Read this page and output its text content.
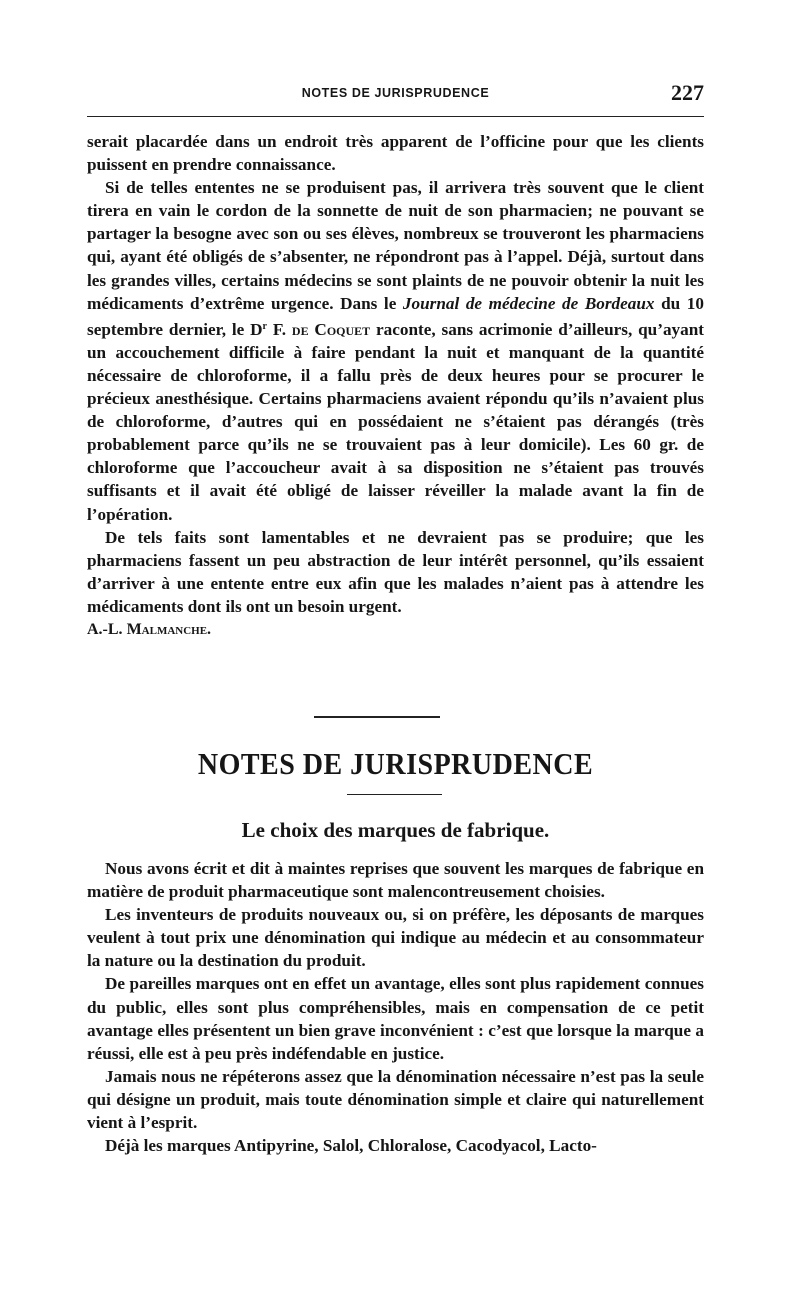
NOTES DE JURISPRUDENCE	227

serait placardée dans un endroit très apparent de l’officine pour que les clients puissent en prendre connaissance.

Si de telles ententes ne se produisent pas, il arrivera très souvent que le client tirera en vain le cordon de la sonnette de nuit de son pharmacien; ne pouvant se partager la besogne avec son ou ses élèves, nombreux se trouveront les pharmaciens qui, ayant été obligés de s’absenter, ne répondront pas à l’appel. Déjà, surtout dans les grandes villes, certains médecins se sont plaints de ne pouvoir obtenir la nuit les médicaments d’extrême urgence. Dans le Journal de médecine de Bordeaux du 10 septembre dernier, le $D^r$ F. de Coquet raconte, sans acrimonie d’ailleurs, qu’ayant un accouchement difficile à faire pendant la nuit et manquant de la quantité nécessaire de chloroforme, il a fallu près de deux heures pour se procurer le précieux anesthésique. Certains pharmaciens avaient répondu qu’ils n’avaient plus de chloroforme, d’autres qui en possédaient ne s’étaient pas dérangés (très probablement parce qu’ils ne se trouvaient pas à leur domicile). Les 60 gr. de chloroforme que l’accoucheur avait à sa disposition ne s’étaient pas trouvés suffisants et il avait été obligé de laisser réveiller la malade avant la fin de l’opération.

De tels faits sont lamentables et ne devraient pas se produire; que les pharmaciens fassent un peu abstraction de leur intérêt personnel, qu’ils essaient d’arriver à une entente entre eux afin que les malades n’aient pas à attendre les médicaments dont ils ont un besoin urgent.

A.-L. Malmanche.
NOTES DE JURISPRUDENCE
Le choix des marques de fabrique.

Nous avons écrit et dit à maintes reprises que souvent les marques de fabrique en matière de produit pharmaceutique sont malencontreusement choisies.

Les inventeurs de produits nouveaux ou, si on préfère, les déposants de marques veulent à tout prix une dénomination qui indique au médecin et au consommateur la nature ou la destination du produit.

De pareilles marques ont en effet un avantage, elles sont plus rapidement connues du public, elles sont plus compréhensibles, mais en compensation de ce petit avantage elles présentent un bien grave inconvénient : c’est que lorsque la marque a réussi, elle est à peu près indéfendable en justice.

Jamais nous ne répéterons assez que la dénomination nécessaire n’est pas la seule qui désigne un produit, mais toute dénomination simple et claire qui naturellement vient à l’esprit.

Déjà les marques Antipyrine, Salol, Chloralose, Cacodyacol, Lacto-
